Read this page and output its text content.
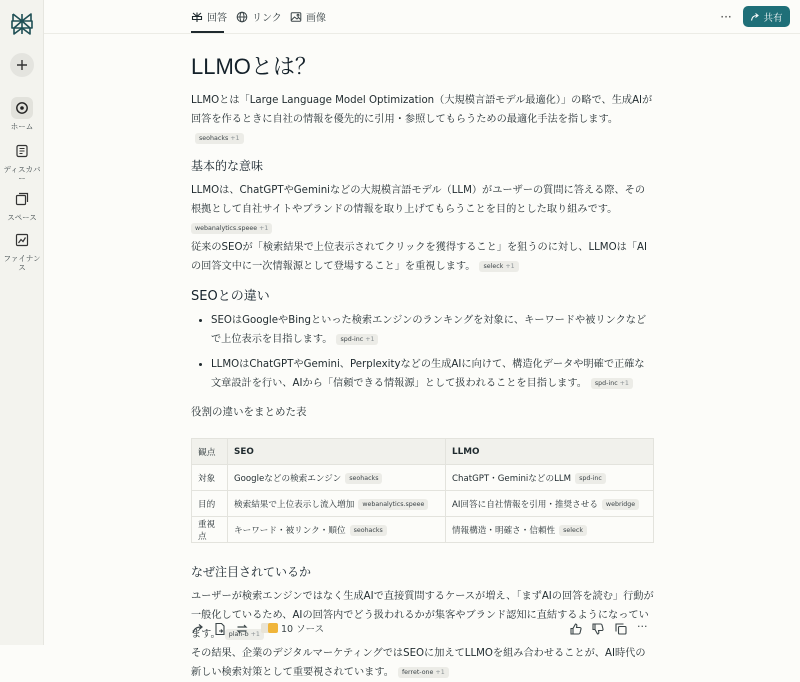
ホーム
ディスカバー
スペース
ファイナンス
回答	リンク 画像	···	共有
LLMOとは？

LLMOとは「Large Language Model Optimization（大規模言語モデル最適化）」の略で、生成AIが回答を作るときに自社の情報を優先的に引用・参照してもらうための最適化手法を指します。seohacks +1

基本的な意味

LLMOは、ChatGPTやGeminiなどの大規模言語モデル（LLM）がユーザーの質問に答える際、その根拠として自社サイトやブランドの情報を取り上げてもらうことを目的とした取り組みです。
webanalytics.speee +1

従来のSEOが「検索結果で上位表示されてクリックを獲得すること」を狙うのに対し、LLMOは「AIの回答文中に一次情報源として登場すること」を重視します。 seleck +1

SEOとの違い
• SEOはGoogleやBingといった検索エンジンのランキングを対象に、キーワードや被リンクなどで上位表示を目指します。 spd-inc +1
• LLMOはChatGPTやGemini、Perplexityなどの生成AIに向けて、構造化データや明確で正確な文章設計を行い、AIから「信頼できる情報源」として扱われることを目指します。 spd-inc +1

役割の違いをまとめた表

観点	SEO	LLMO
対象	Googleなどの検索エンジン seohacks	ChatGPT・GeminiなどのLLM spd-inc
目的	検索結果で上位表示し流入増加 webanalytics.speee	AI回答に自社情報を引用・推奨させる webridge
重視点	キーワード・被リンク・順位 seohacks	情報構造・明確さ・信頼性 seleck
なぜ注目されているか

ユーザーが検索エンジンではなく生成AIで直接質問するケースが増え、「まずAIの回答を読む」行動が一般化しているため、AIの回答内でどう扱われるかが集客やブランド認知に直結するようになっています。 plan-b +1

その結果、企業のデジタルマーケティングではSEOに加えてLLMOを組み合わせることが、AI時代の新しい検索対策として重要視されています。 ferret-one +1

10 ソース	···
